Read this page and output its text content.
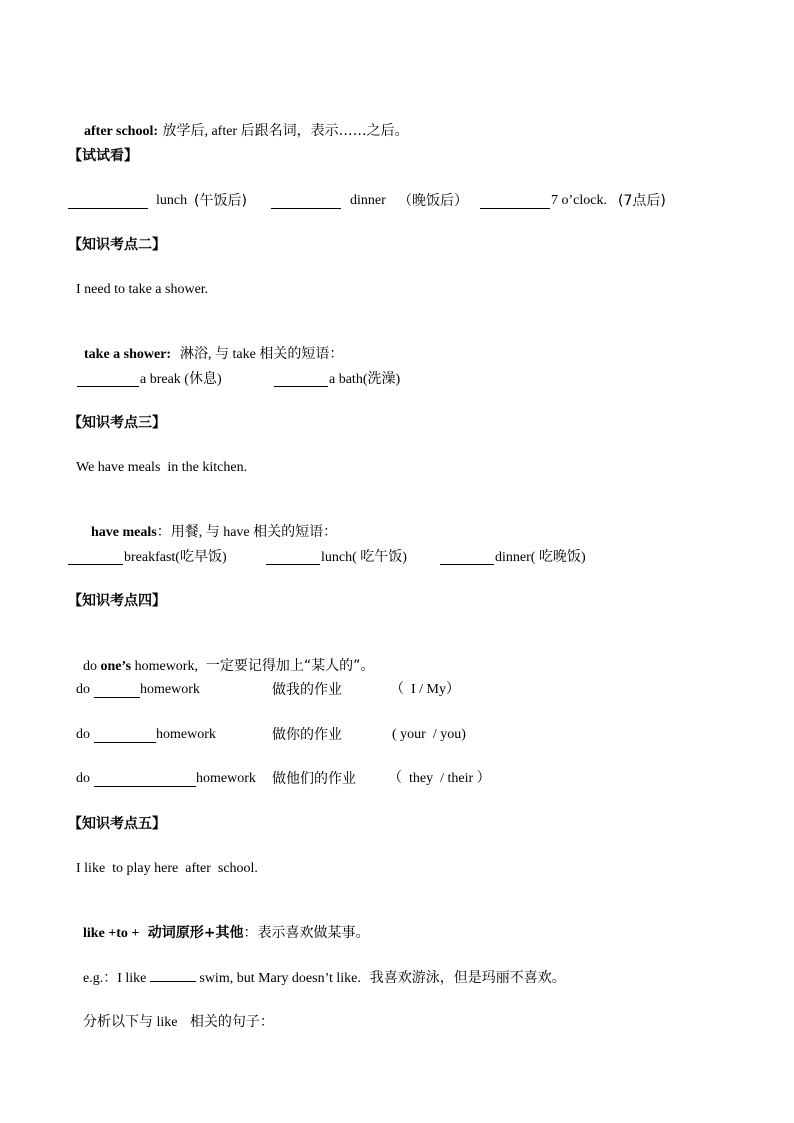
after school: 放学后, after 后跟名词，表示……之后。

【试试看】

lunch

(午饭后)

	dinner

（晚饭后）

	7 o’clock.

(7点后)

【知识考点二】
I need to take a shower.

take a shower:  淋浴, 与 take 相关的短语：

a break (休息)

	a bath(洗澡)

【知识考点三】
We have meals  in the kitchen.

have meals：用餐, 与 have 相关的短语：

breakfast(吃早饭)

	lunch( 吃午饭)

	dinner( 吃晚饭)

【知识考点四】

do one’s homework,  一定要记得加上“某人的”。

do

	homework

	做我的作业

	（  I / My）

do

	homework

	做你的作业

	( your  / you)

do

	homework

做他们的作业

（  they  / their ）

【知识考点五】
I like  to play here  after  school.

like +to +  动词原形+其他：表示喜欢做某事。

e.g.：I like	swim, but Mary doesn’t like.  我喜欢游泳，但是玛丽不喜欢。

分析以下与 like   相关的句子：
